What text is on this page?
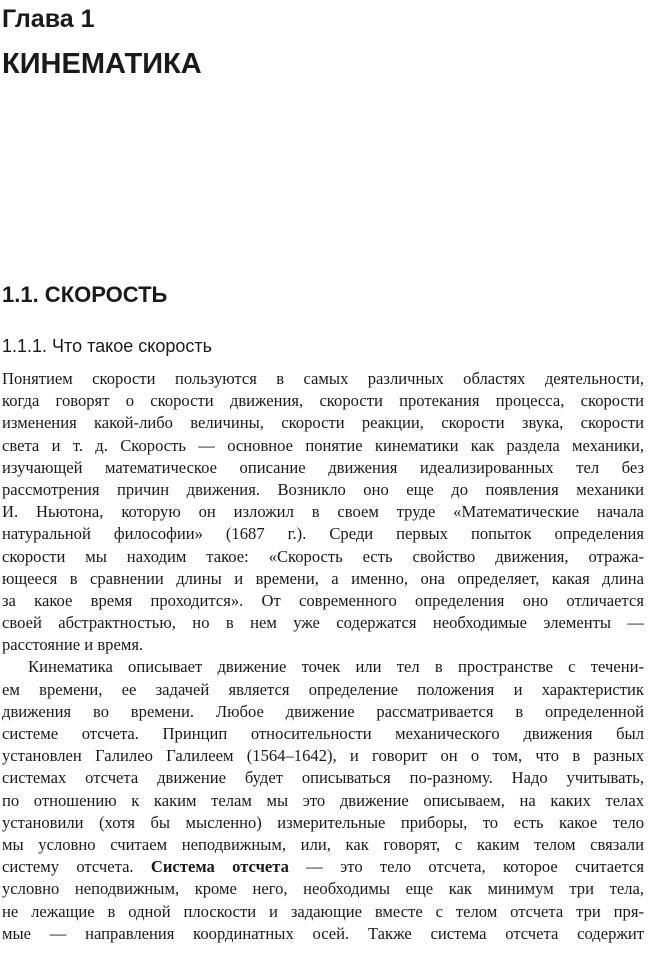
Глава 1
КИНЕМАТИКА
1.1. СКОРОСТЬ
1.1.1. Что такое скорость
Понятием скорости пользуются в самых различных областях деятельности,
когда говорят о скорости движения, скорости протекания процесса, скорости
изменения какой-либо величины, скорости реакции, скорости звука, скорости
света и т. д. Скорость — основное понятие кинематики как раздела механики,
изучающей математическое описание движения идеализированных тел без
рассмотрения причин движения. Возникло оно еще до появления механики
И. Ньютона, которую он изложил в своем труде «Математические начала
натуральной философии» (1687 г.). Среди первых попыток определения
скорости мы находим такое: «Скорость есть свойство движения, отража-
ющееся в сравнении длины и времени, а именно, она определяет, какая длина
за какое время проходится». От современного определения оно отличается
своей абстрактностью, но в нем уже содержатся необходимые элементы —
расстояние и время.
Кинематика описывает движение точек или тел в пространстве с течени-
ем времени, ее задачей является определение положения и характеристик
движения во времени. Любое движение рассматривается в определенной
системе отсчета. Принцип относительности механического движения был
установлен Галилео Галилеем (1564–1642), и говорит он о том, что в разных
системах отсчета движение будет описываться по-разному. Надо учитывать,
по отношению к каким телам мы это движение описываем, на каких телах
установили (хотя бы мысленно) измерительные приборы, то есть какое тело
мы условно считаем неподвижным, или, как говорят, с каким телом связали
систему отсчета. Система отсчета — это тело отсчета, которое считается
условно неподвижным, кроме него, необходимы еще как минимум три тела,
не лежащие в одной плоскости и задающие вместе с телом отсчета три пря-
мые — направления координатных осей. Также система отсчета содержит
